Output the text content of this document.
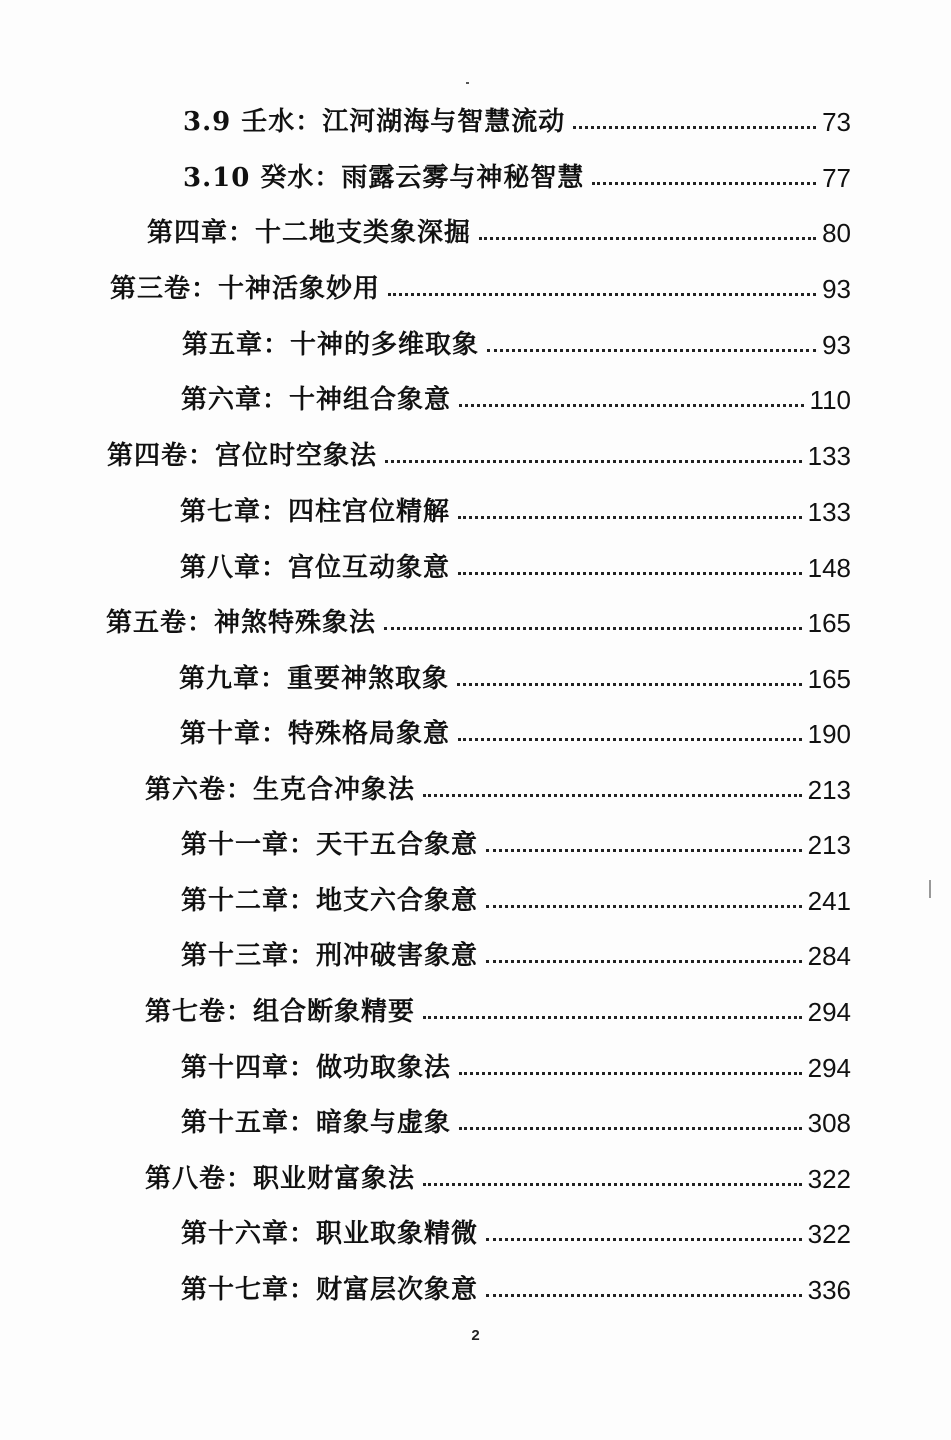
3.9 壬水：江河湖海与智慧流动	73
3.10 癸水：雨露云雾与神秘智慧	77
第四章：十二地支类象深掘	80
第三卷：十神活象妙用	93
第五章：十神的多维取象	93
第六章：十神组合象意	110
第四卷：宫位时空象法	133
第七章：四柱宫位精解	133
第八章：宫位互动象意	148
第五卷：神煞特殊象法	165
第九章：重要神煞取象	165
第十章：特殊格局象意	190
第六卷：生克合冲象法	213
第十一章：天干五合象意	213
第十二章：地支六合象意	241
第十三章：刑冲破害象意	284
第七卷：组合断象精要	294
第十四章：做功取象法	294
第十五章：暗象与虚象	308
第八卷：职业财富象法	322
第十六章：职业取象精微	322
第十七章：财富层次象意	336
2
